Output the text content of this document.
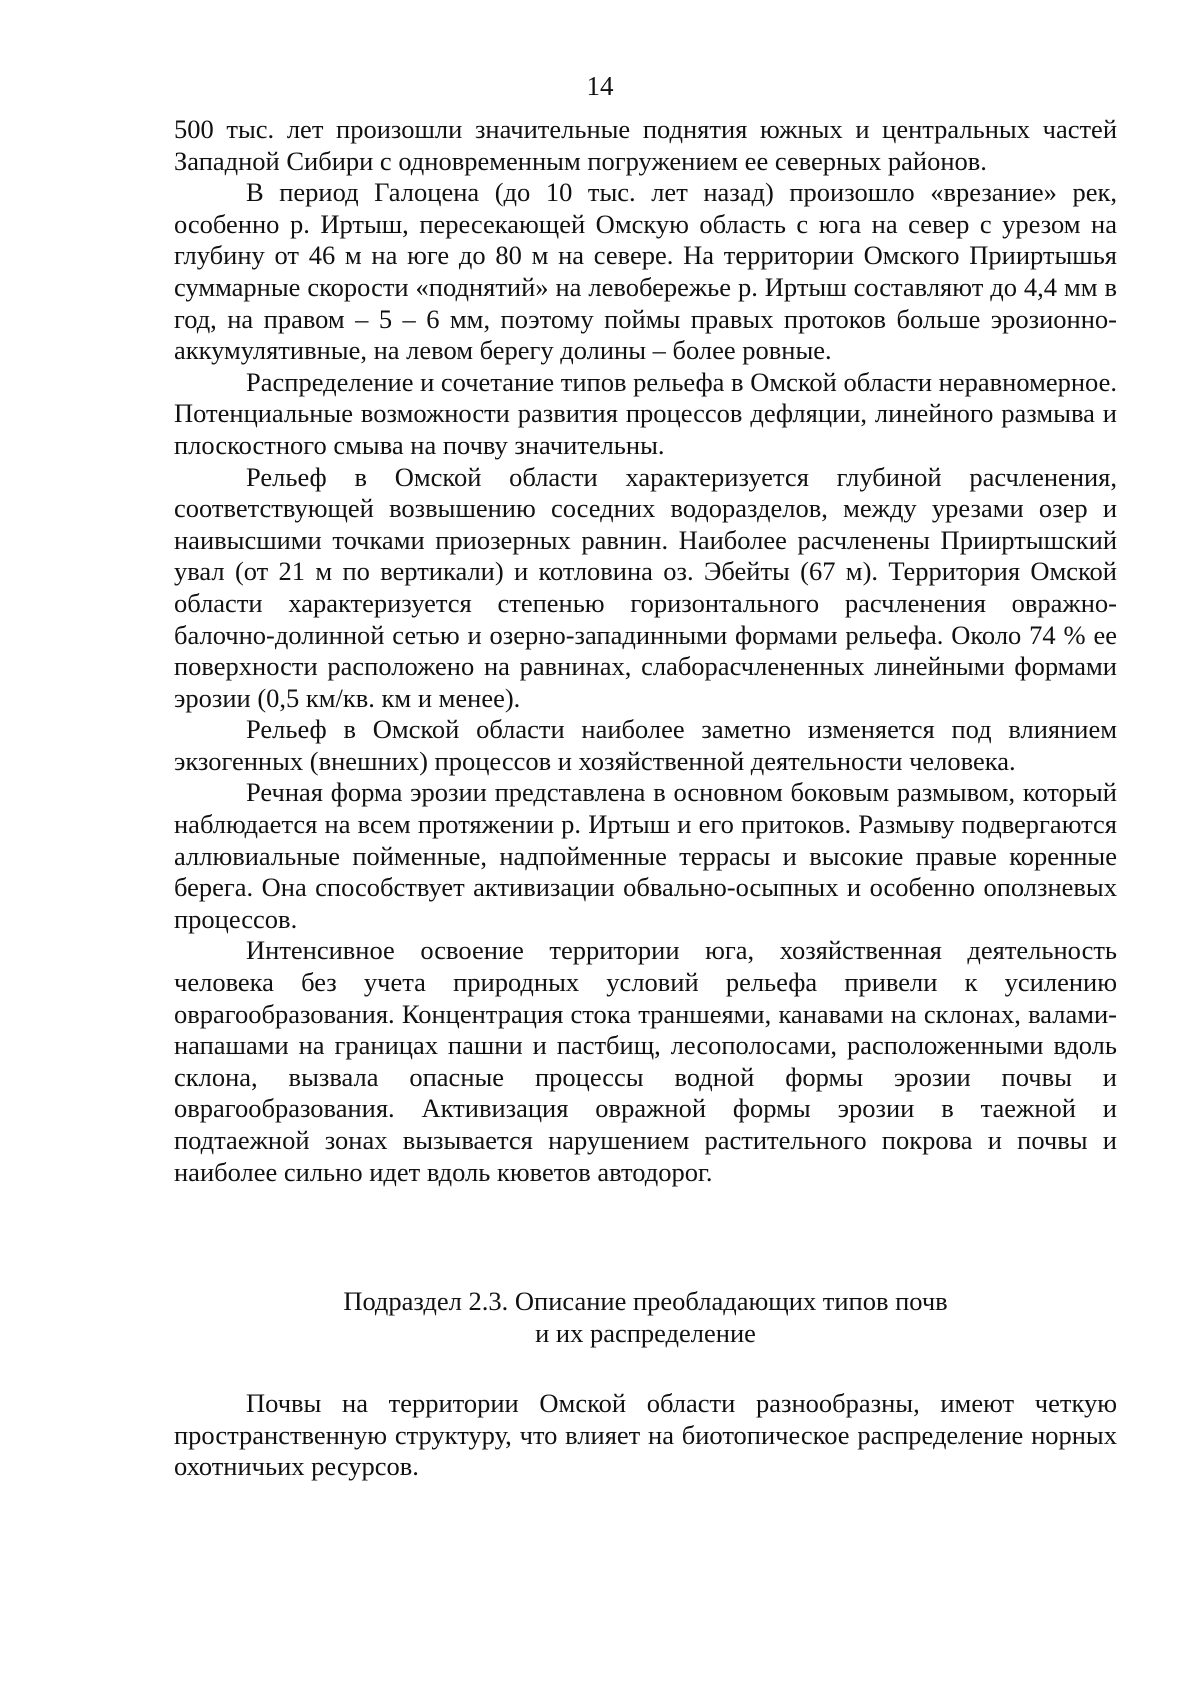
14

500 тыс. лет произошли значительные поднятия южных и центральных частей Западной Сибири с одновременным погружением ее северных районов.

В период Галоцена (до 10 тыс. лет назад) произошло «врезание» рек, особенно р. Иртыш, пересекающей Омскую область с юга на север с урезом на глубину от 46 м на юге до 80 м на севере. На территории Омского Прииртышья суммарные скорости «поднятий» на левобережье р. Иртыш составляют до 4,4 мм в год, на правом – 5 – 6 мм, поэтому поймы правых протоков больше эрозионно-аккумулятивные, на левом берегу долины – более ровные.

Распределение и сочетание типов рельефа в Омской области неравномерное. Потенциальные возможности развития процессов дефляции, линейного размыва и плоскостного смыва на почву значительны.

Рельеф в Омской области характеризуется глубиной расчленения, соответствующей возвышению соседних водоразделов, между урезами озер и наивысшими точками приозерных равнин. Наиболее расчленены Прииртышский увал (от 21 м по вертикали) и котловина оз. Эбейты (67 м). Территория Омской области характеризуется степенью горизонтального расчленения овражно-балочно-долинной сетью и озерно-западинными формами рельефа. Около 74 % ее поверхности расположено на равнинах, слаборасчлененных линейными формами эрозии (0,5 км/кв. км и менее).

Рельеф в Омской области наиболее заметно изменяется под влиянием экзогенных (внешних) процессов и хозяйственной деятельности человека.

Речная форма эрозии представлена в основном боковым размывом, который наблюдается на всем протяжении р. Иртыш и его притоков. Размыву подвергаются аллювиальные пойменные, надпойменные террасы и высокие правые коренные берега. Она способствует активизации обвально-осыпных и особенно оползневых процессов.

Интенсивное освоение территории юга, хозяйственная деятельность человека без учета природных условий рельефа привели к усилению оврагообразования. Концентрация стока траншеями, канавами на склонах, валами-напашами на границах пашни и пастбищ, лесополосами, расположенными вдоль склона, вызвала опасные процессы водной формы эрозии почвы и оврагообразования. Активизация овражной формы эрозии в таежной и подтаежной зонах вызывается нарушением растительного покрова и почвы и наиболее сильно идет вдоль кюветов автодорог.

Подраздел 2.3. Описание преобладающих типов почв
и их распределение

Почвы на территории Омской области разнообразны, имеют четкую пространственную структуру, что влияет на биотопическое распределение норных охотничьих ресурсов.
